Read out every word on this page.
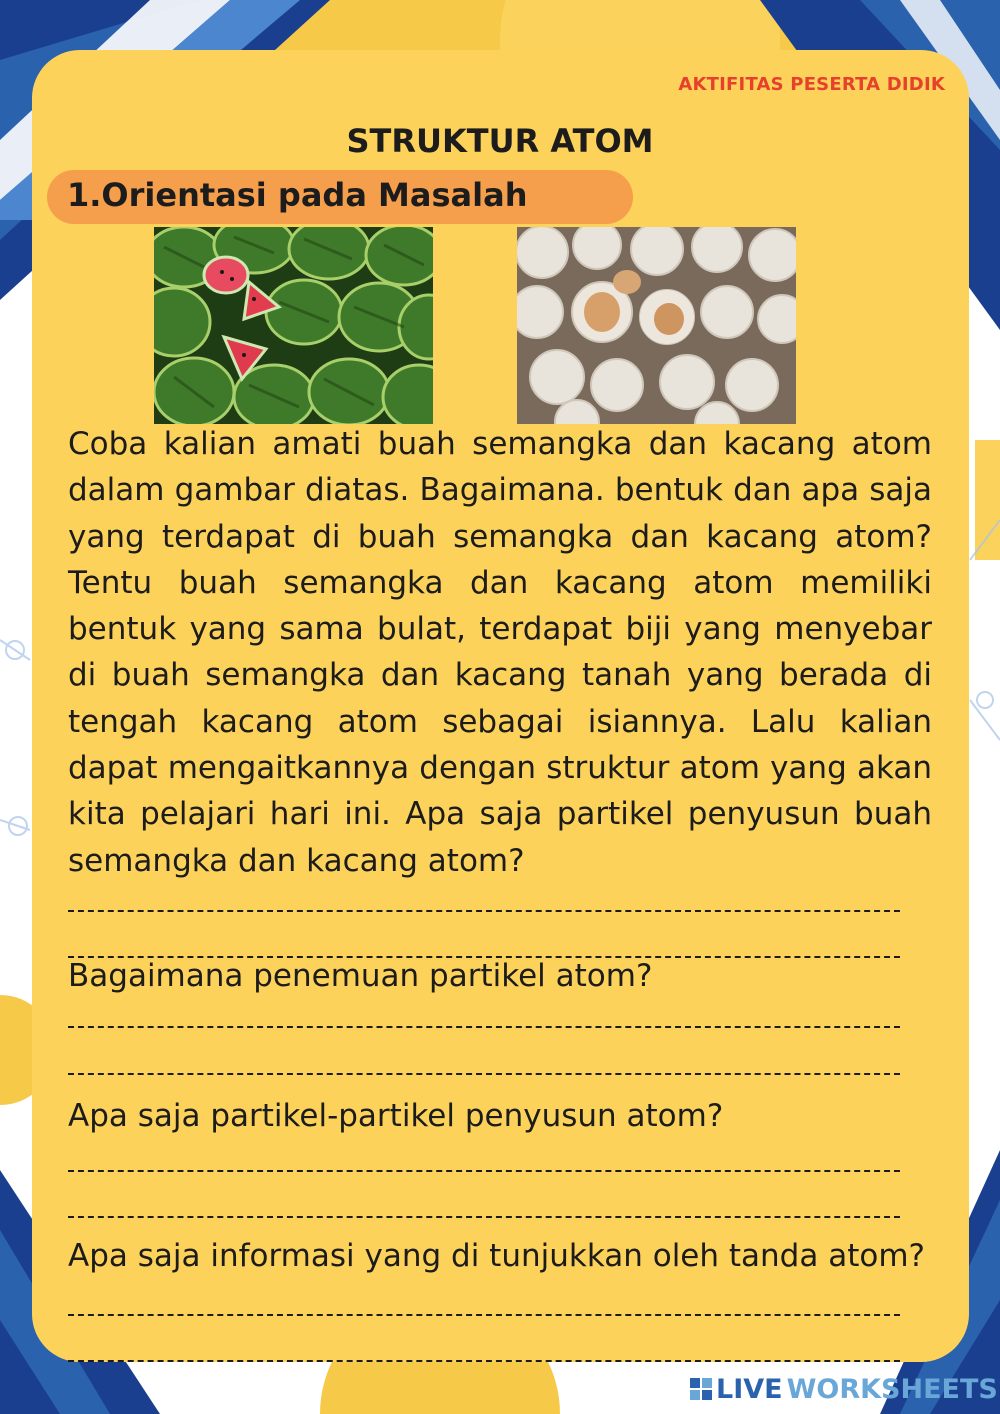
AKTIFITAS PESERTA DIDIK
STRUKTUR ATOM
1.Orientasi pada Masalah
Coba kalian amati buah semangka dan kacang atom dalam gambar diatas. Bagaimana. bentuk dan apa saja yang terdapat di buah semangka dan kacang atom? Tentu buah semangka dan kacang atom memiliki bentuk yang sama bulat, terdapat biji yang menyebar di buah semangka dan kacang tanah yang berada di tengah kacang atom sebagai isiannya. Lalu kalian dapat mengaitkannya dengan struktur atom yang akan kita pelajari hari ini. Apa saja partikel penyusun buah semangka dan kacang atom?
Bagaimana penemuan partikel atom?
Apa saja partikel-partikel penyusun atom?
Apa saja informasi yang di tunjukkan oleh tanda atom?
LIVE WORKSHEETS
